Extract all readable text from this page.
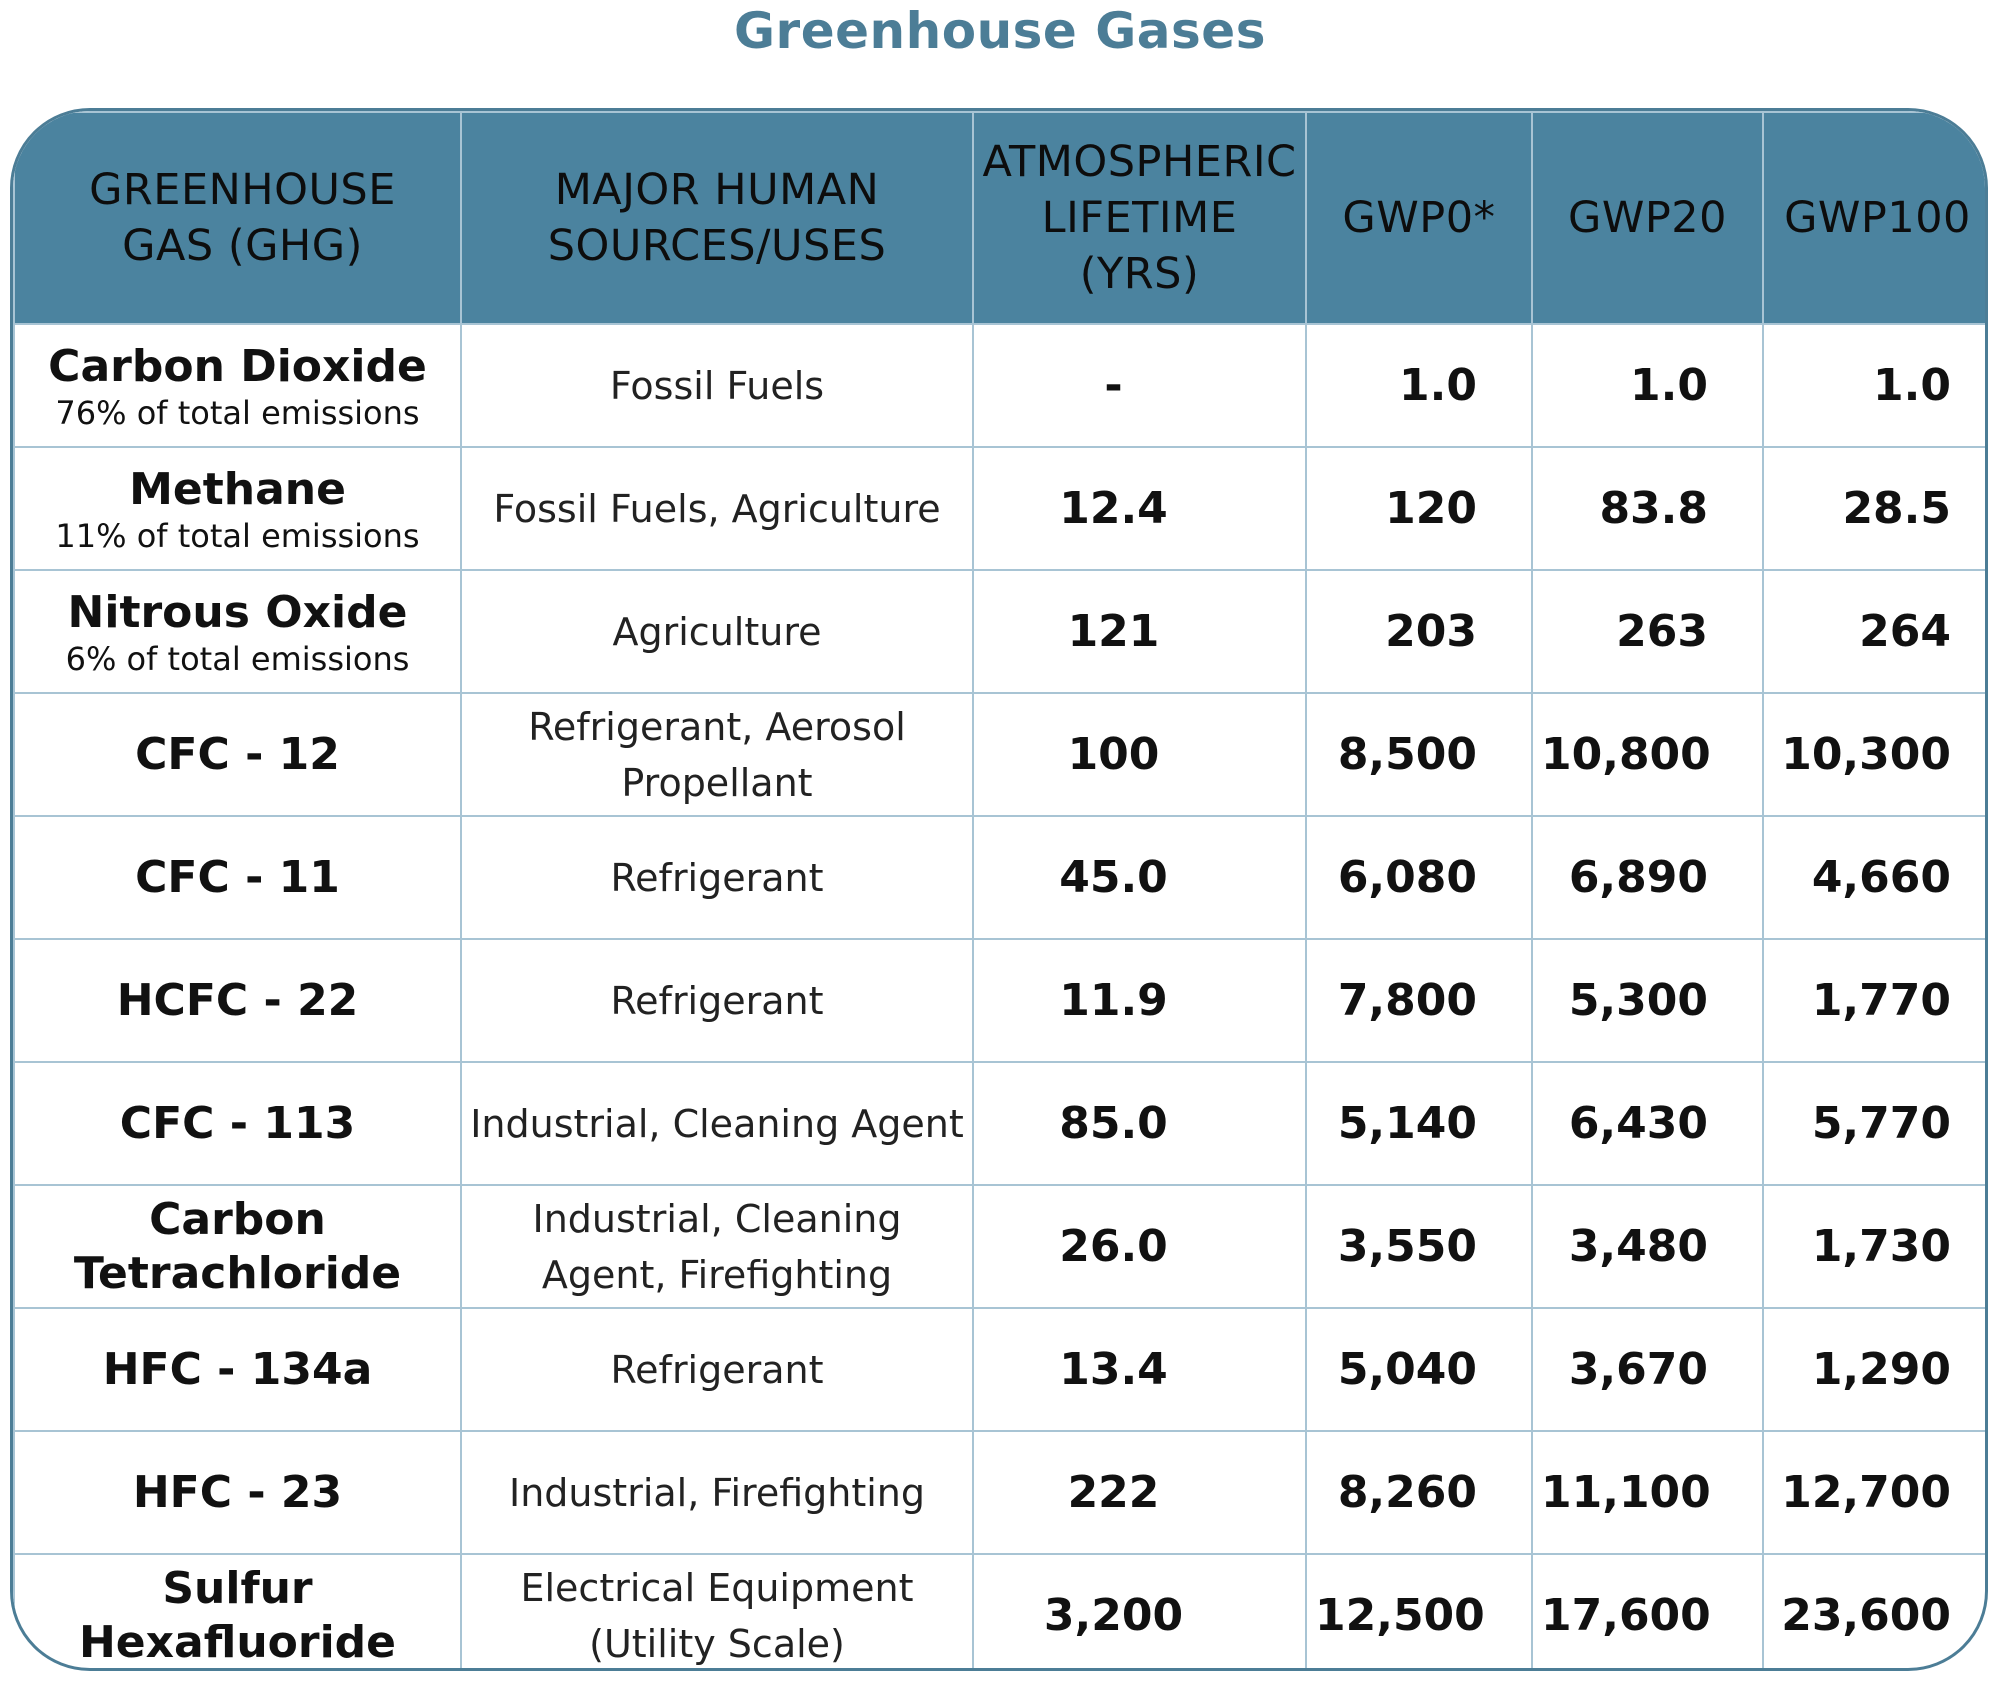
Greenhouse Gases
GREENHOUSE GAS (GHG)	MAJOR HUMAN SOURCES/USES	ATMOSPHERIC LIFETIME (YRS)	GWP0*	GWP20	GWP100

Carbon Dioxide
76% of total emissions	Fossil Fuels	-	1.0	1.0	1.0

Methane
11% of total emissions	Fossil Fuels, Agriculture	12.4	120	83.8	28.5

Nitrous Oxide
6% of total emissions	Agriculture	121	203	263	264

CFC - 12	Refrigerant, Aerosol Propellant	100	8,500	10,800	10,300

CFC - 11	Refrigerant	45.0	6,080	6,890	4,660

HCFC - 22	Refrigerant	11.9	7,800	5,300	1,770

CFC - 113	Industrial, Cleaning Agent	85.0	5,140	6,430	5,770

Carbon Tetrachloride	Industrial, Cleaning Agent, Firefighting	26.0	3,550	3,480	1,730

HFC - 134a	Refrigerant	13.4	5,040	3,670	1,290

HFC - 23	Industrial, Firefighting	222	8,260	11,100	12,700

Sulfur Hexafluoride	Electrical Equipment (Utility Scale)	3,200	12,500	17,600	23,600
